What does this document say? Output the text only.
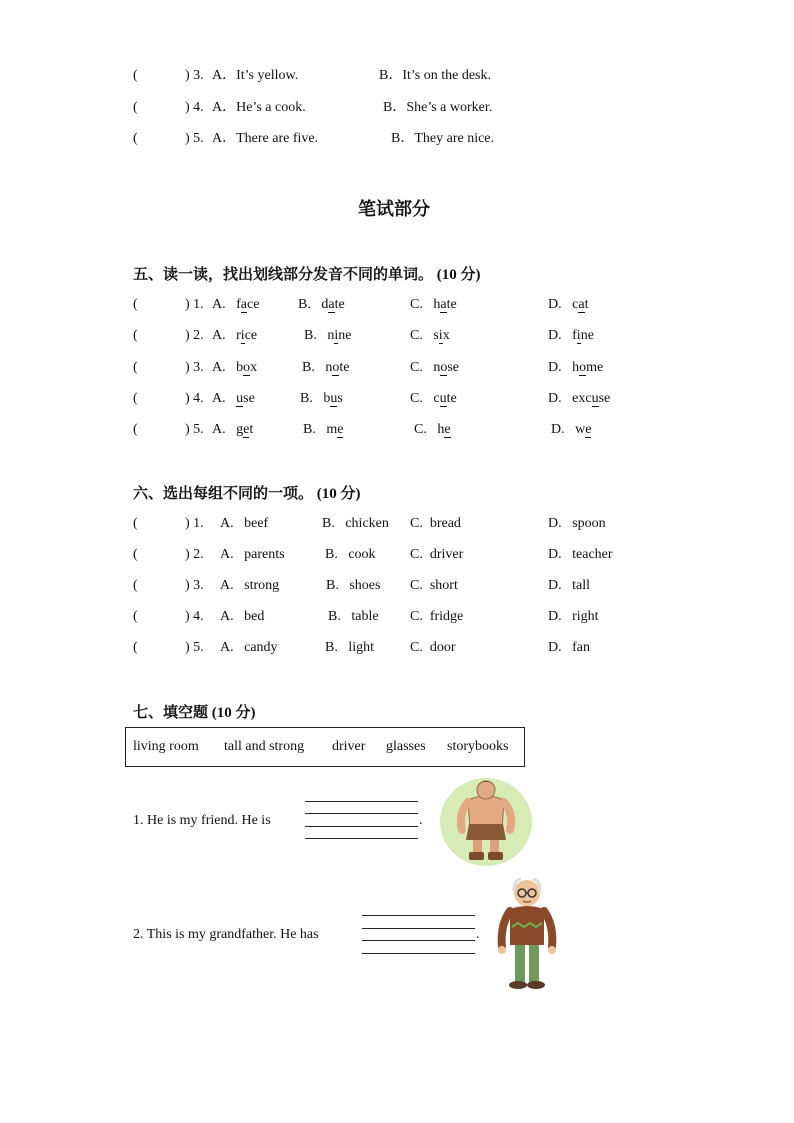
(	) 3. A．It’s yellow.	B．It’s on the desk.
(	) 4. A．He’s a cook.	B．She’s a worker.
(	) 5. A．There are five.	B．They are nice.
笔试部分
五、读一读，找出划线部分发音不同的单词。 (10 分)
(	) 1. A. face	B. date	C. hate	D. cat
(	) 2. A. rice	B. nine	C. six	D. fine
(	) 3. A. box	B. note	C. nose	D. home
(	) 4. A. use	B. bus	C. cute	D. excuse
(	) 5. A. get	B. me	C. he	D. we
六、选出每组不同的一项。 (10 分)
(	) 1. A. beef	B. chicken C. bread	D. spoon
(	) 2. A. parents	B. cook C. driver	D. teacher
(	) 3. A. strong	B. shoes C. short	D. tall
(	) 4. A. bed	B. table C. fridge	D. right
(	) 5. A. candy	B. light	C. door	D. fan
七、填空题 (10 分)
living room tall and strong driver glasses storybooks
1. He is my friend. He is	.
2. This is my grandfather. He has	.
